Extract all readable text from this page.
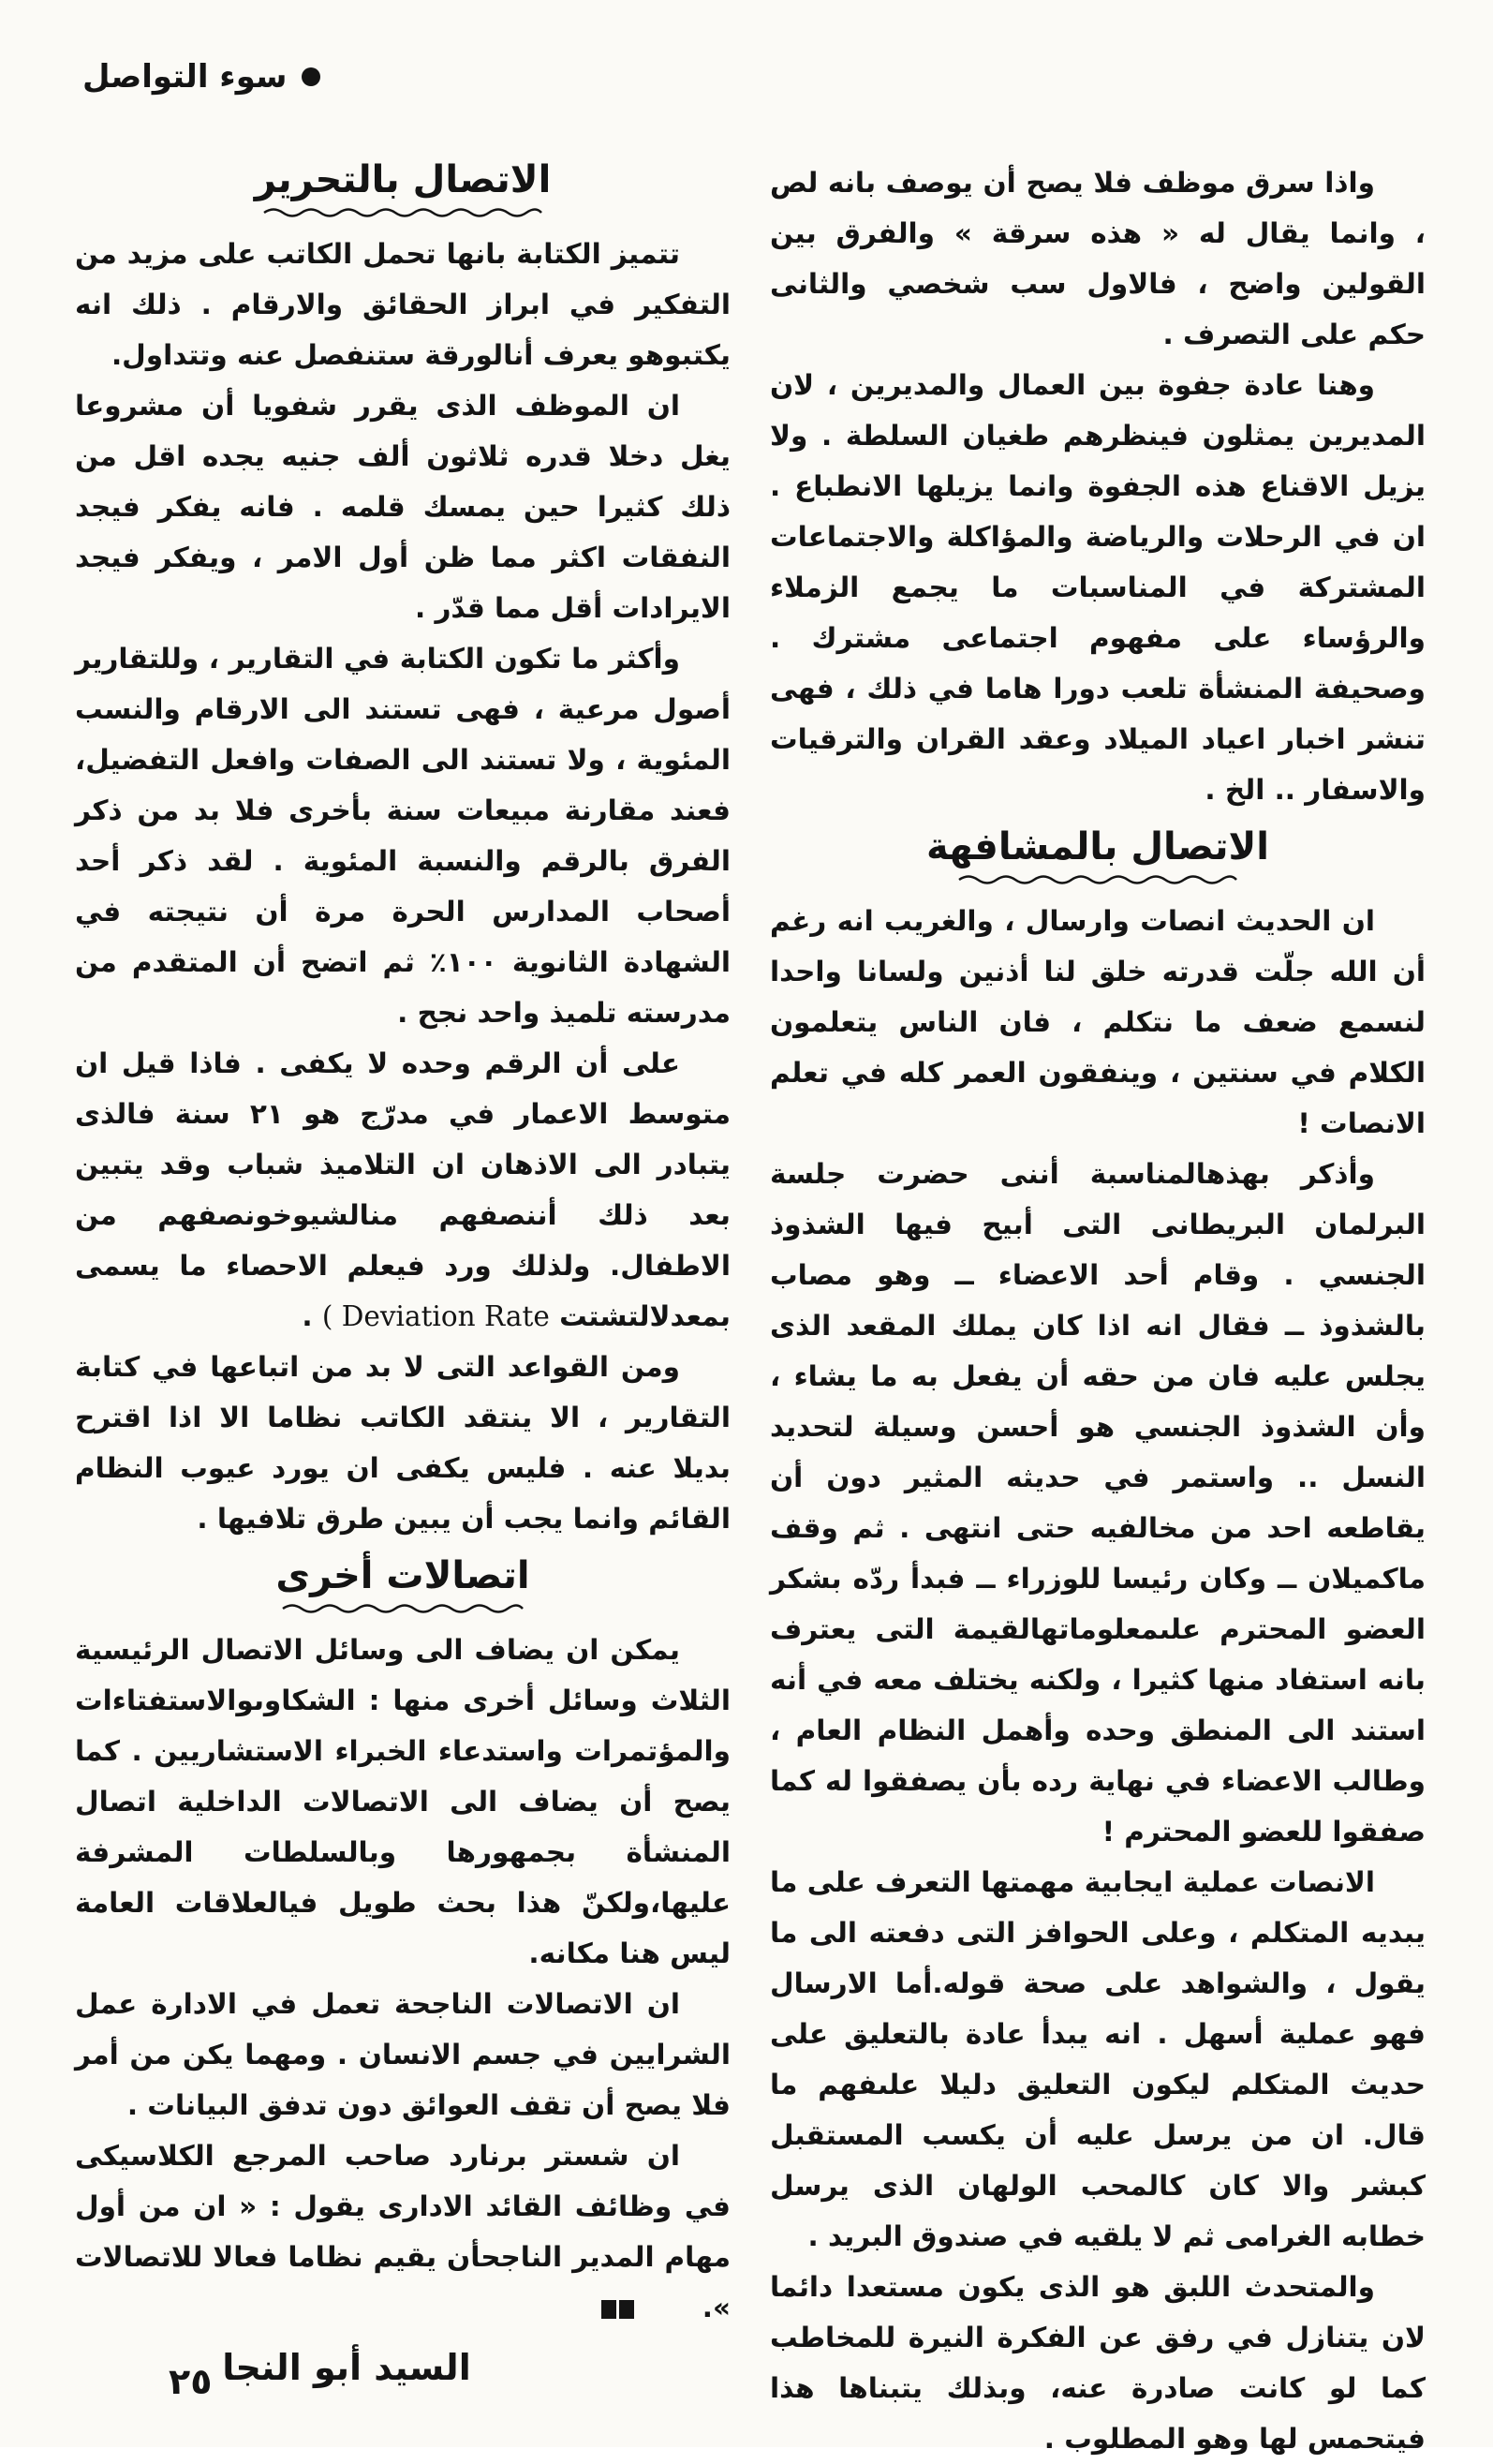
سوء التواصل

واذا سرق موظف فلا يصح أن يوصف بانه لص ، وانما يقال له « هذه سرقة » والفرق بين القولين واضح ، فالاول سب شخصي والثانى حكم على التصرف .

وهنا عادة جفوة بين العمال والمديرين ، لان المديرين يمثلون فينظرهم طغيان السلطة . ولا يزيل الاقناع هذه الجفوة وانما يزيلها الانطباع . ان في الرحلات والرياضة والمؤاكلة والاجتماعات المشتركة في المناسبات ما يجمع الزملاء والرؤساء على مفهوم اجتماعى مشترك . وصحيفة المنشأة تلعب دورا هاما في ذلك ، فهى تنشر اخبار اعياد الميلاد وعقد القران والترقيات والاسفار .. الخ .

الاتصال بالمشافهة

ان الحديث انصات وارسال ، والغريب انه رغم أن الله جلّت قدرته خلق لنا أذنين ولسانا واحدا لنسمع ضعف ما نتكلم ، فان الناس يتعلمون الكلام في سنتين ، وينفقون العمر كله في تعلم الانصات !

وأذكر بهذهالمناسبة أننى حضرت جلسة البرلمان البريطانى التى أبيح فيها الشذوذ الجنسي . وقام أحد الاعضاء ــ وهو مصاب بالشذوذ ــ فقال انه اذا كان يملك المقعد الذى يجلس عليه فان من حقه أن يفعل به ما يشاء ، وأن الشذوذ الجنسي هو أحسن وسيلة لتحديد النسل .. واستمر في حديثه المثير دون أن يقاطعه احد من مخالفيه حتى انتهى . ثم وقف ماكميلان ــ وكان رئيسا للوزراء ــ فبدأ ردّه بشكر العضو المحترم علىمعلوماتهالقيمة التى يعترف بانه استفاد منها كثيرا ، ولكنه يختلف معه في أنه استند الى المنطق وحده وأهمل النظام العام ، وطالب الاعضاء في نهاية رده بأن يصفقوا له كما صفقوا للعضو المحترم !

الانصات عملية ايجابية مهمتها التعرف على ما يبديه المتكلم ، وعلى الحوافز التى دفعته الى ما يقول ، والشواهد على صحة قوله.أما الارسال فهو عملية أسهل . انه يبدأ عادة بالتعليق على حديث المتكلم ليكون التعليق دليلا علىفهم ما قال. ان من يرسل عليه أن يكسب المستقبل كبشر والا كان كالمحب الولهان الذى يرسل خطابه الغرامى ثم لا يلقيه في صندوق البريد .

والمتحدث اللبق هو الذى يكون مستعدا دائما لان يتنازل في رفق عن الفكرة النيرة للمخاطب كما لو كانت صادرة عنه، وبذلك يتبناها هذا فيتحمس لها وهو المطلوب .

الاتصال بالتحرير

تتميز الكتابة بانها تحمل الكاتب على مزيد من التفكير في ابراز الحقائق والارقام . ذلك انه يكتبوهو يعرف أنالورقة ستنفصل عنه وتتداول.

ان الموظف الذى يقرر شفويا أن مشروعا يغل دخلا قدره ثلاثون ألف جنيه يجده اقل من ذلك كثيرا حين يمسك قلمه . فانه يفكر فيجد النفقات اكثر مما ظن أول الامر ، ويفكر فيجد الايرادات أقل مما قدّر .

وأكثر ما تكون الكتابة في التقارير ، وللتقارير أصول مرعية ، فهى تستند الى الارقام والنسب المئوية ، ولا تستند الى الصفات وافعل التفضيل، فعند مقارنة مبيعات سنة بأخرى فلا بد من ذكر الفرق بالرقم والنسبة المئوية . لقد ذكر أحد أصحاب المدارس الحرة مرة أن نتيجته في الشهادة الثانوية ١٠٠٪ ثم اتضح أن المتقدم من مدرسته تلميذ واحد نجح .

على أن الرقم وحده لا يكفى . فاذا قيل ان متوسط الاعمار في مدرّج هو ٢١ سنة فالذى يتبادر الى الاذهان ان التلاميذ شباب وقد يتبين بعد ذلك أننصفهم منالشيوخونصفهم من الاطفال. ولذلك ورد فيعلم الاحصاء ما يسمى بمعدلالتشتت ( Deviation Rate .

ومن القواعد التى لا بد من اتباعها في كتابة التقارير ، الا ينتقد الكاتب نظاما الا اذا اقترح بديلا عنه . فليس يكفى ان يورد عيوب النظام القائم وانما يجب أن يبين طرق تلافيها .

اتصالات أخرى

يمكن ان يضاف الى وسائل الاتصال الرئيسية الثلاث وسائل أخرى منها : الشكاوىوالاستفتاءات والمؤتمرات واستدعاء الخبراء الاستشاريين . كما يصح أن يضاف الى الاتصالات الداخلية اتصال المنشأة بجمهورها وبالسلطات المشرفة عليها،ولكنّ هذا بحث طويل فيالعلاقات العامة ليس هنا مكانه.

ان الاتصالات الناجحة تعمل في الادارة عمل الشرايين في جسم الانسان . ومهما يكن من أمر فلا يصح أن تقف العوائق دون تدفق البيانات .

ان شستر برنارد صاحب المرجع الكلاسيكى في وظائف القائد الادارى يقول : « ان من أول مهام المدير الناجحأن يقيم نظاما فعالا للاتصالات ».

السيد أبو النجا
٢٥
